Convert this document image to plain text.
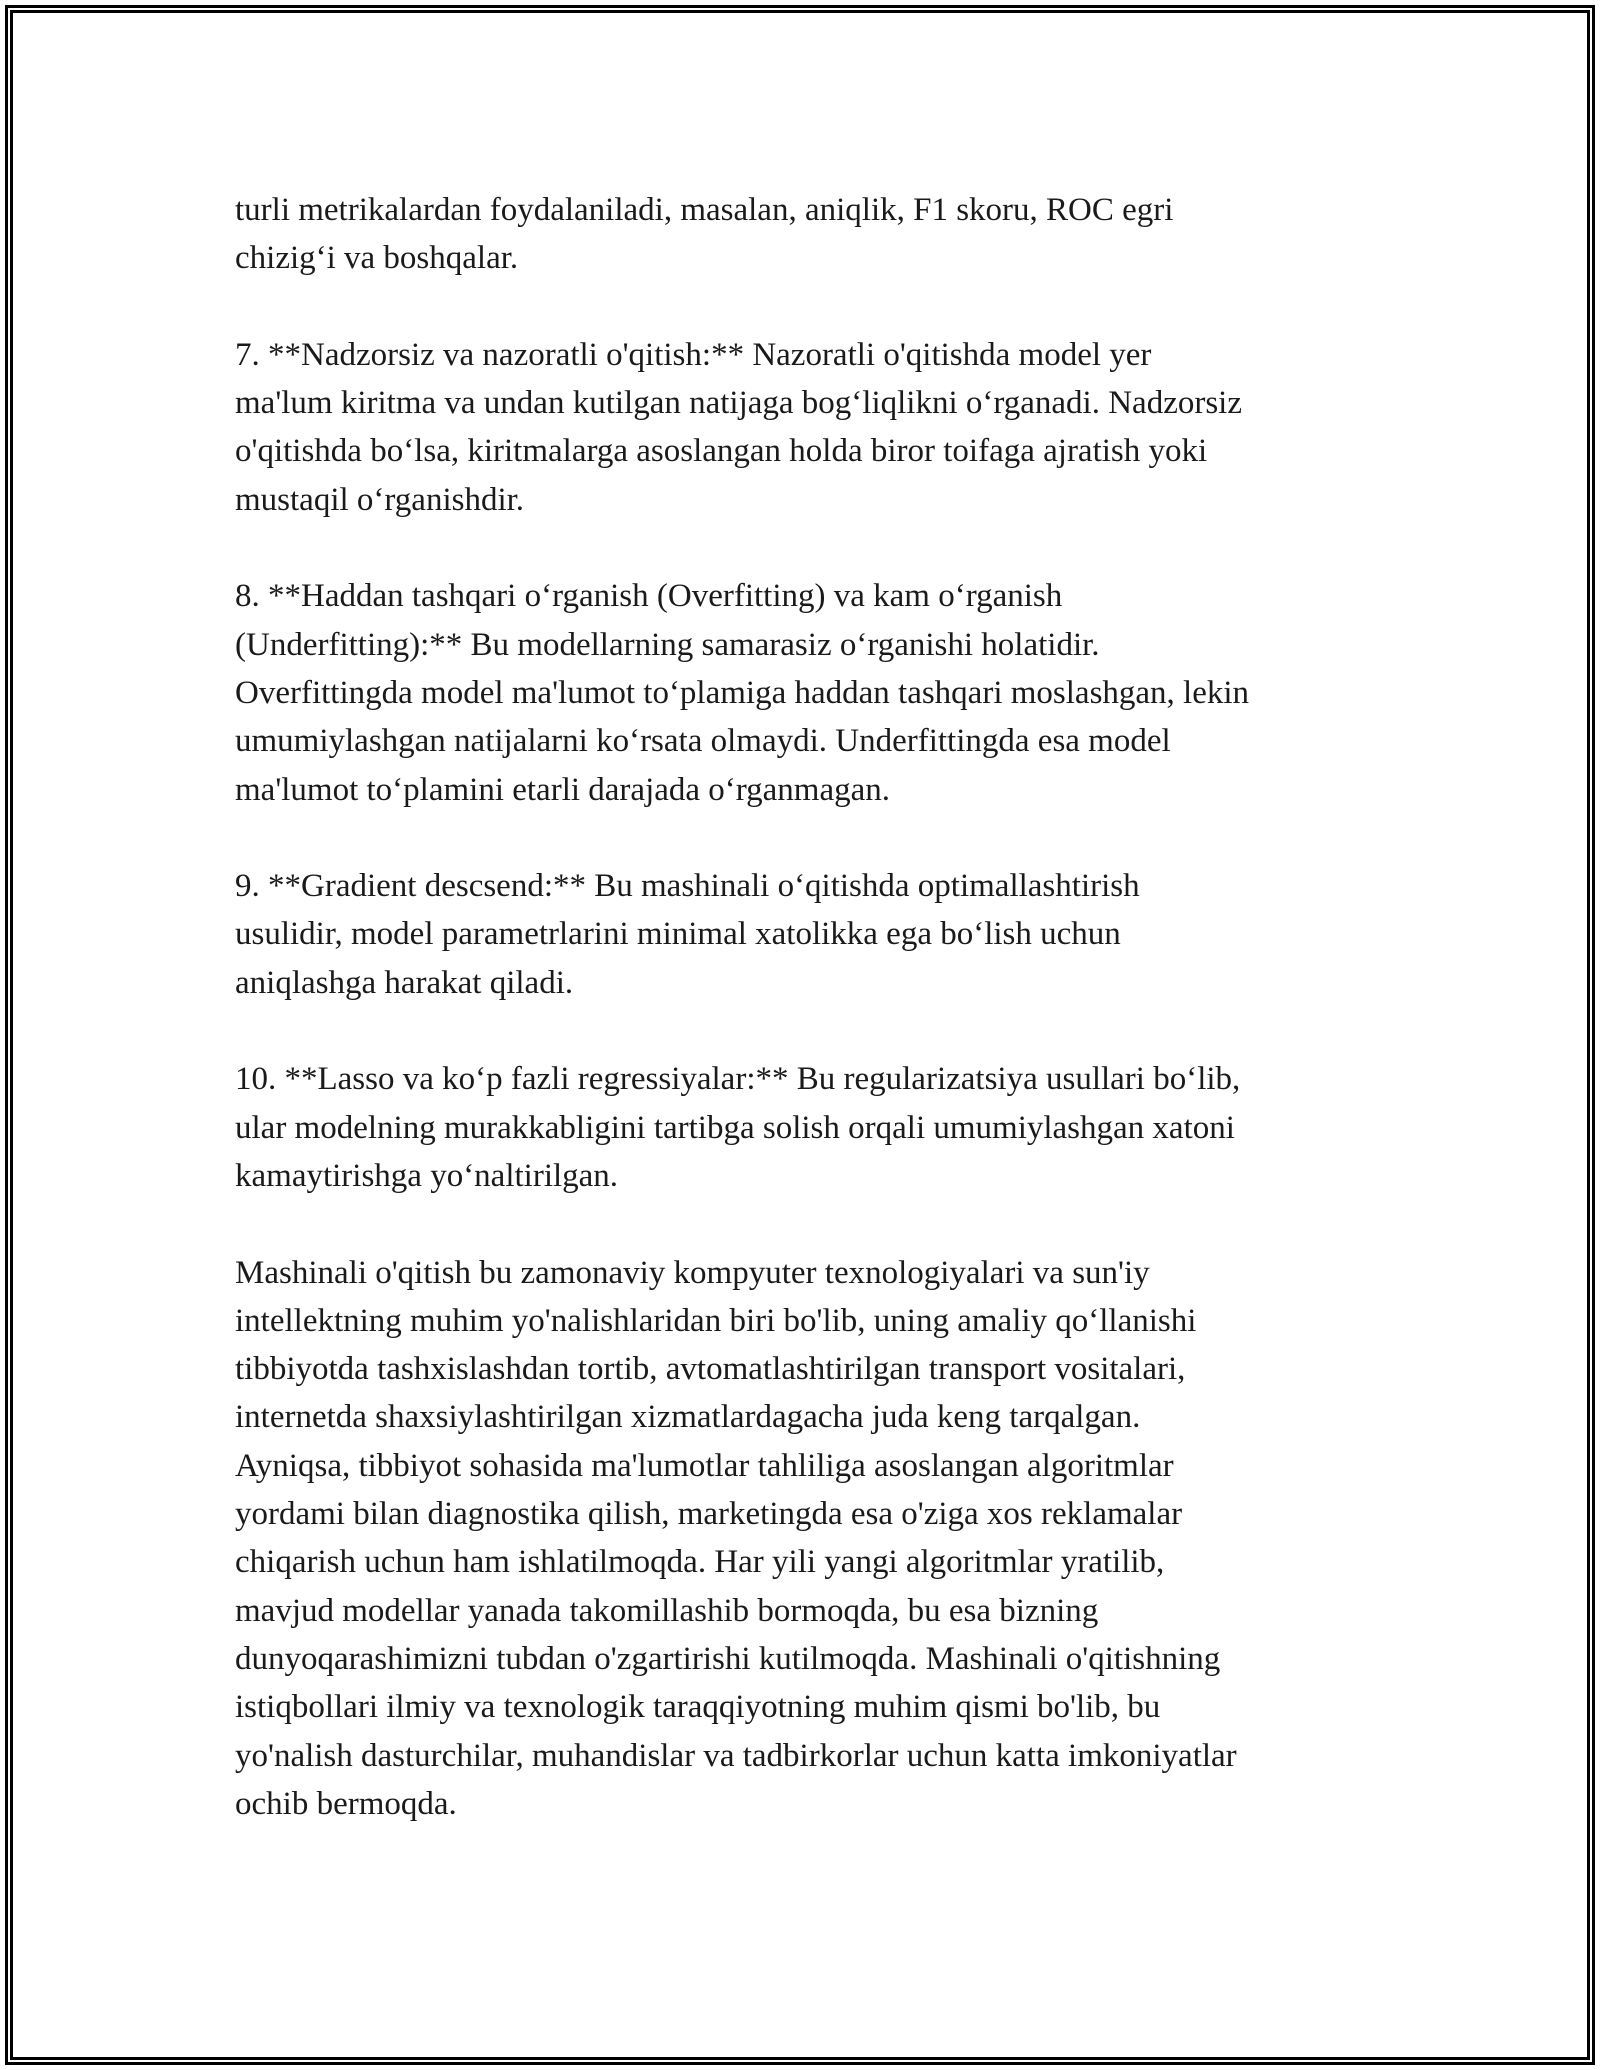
turli metrikalardan foydalaniladi, masalan, aniqlik, F1 skoru, ROC egri
chizig‘i va boshqalar.

7. **Nadzorsiz va nazoratli o'qitish:** Nazoratli o'qitishda model yer
ma'lum kiritma va undan kutilgan natijaga bog‘liqlikni o‘rganadi. Nadzorsiz
o'qitishda bo‘lsa, kiritmalarga asoslangan holda biror toifaga ajratish yoki
mustaqil o‘rganishdir.

8. **Haddan tashqari o‘rganish (Overfitting) va kam o‘rganish
(Underfitting):** Bu modellarning samarasiz o‘rganishi holatidir.
Overfittingda model ma'lumot to‘plamiga haddan tashqari moslashgan, lekin
umumiylashgan natijalarni ko‘rsata olmaydi. Underfittingda esa model
ma'lumot to‘plamini etarli darajada o‘rganmagan.

9. **Gradient descsend:** Bu mashinali o‘qitishda optimallashtirish
usulidir, model parametrlarini minimal xatolikka ega bo‘lish uchun
aniqlashga harakat qiladi.

10. **Lasso va ko‘p fazli regressiyalar:** Bu regularizatsiya usullari bo‘lib,
ular modelning murakkabligini tartibga solish orqali umumiylashgan xatoni
kamaytirishga yo‘naltirilgan.

Mashinali o'qitish bu zamonaviy kompyuter texnologiyalari va sun'iy
intellektning muhim yo'nalishlaridan biri bo'lib, uning amaliy qo‘llanishi
tibbiyotda tashxislashdan tortib, avtomatlashtirilgan transport vositalari,
internetda shaxsiylashtirilgan xizmatlardagacha juda keng tarqalgan.
Ayniqsa, tibbiyot sohasida ma'lumotlar tahliliga asoslangan algoritmlar
yordami bilan diagnostika qilish, marketingda esa o'ziga xos reklamalar
chiqarish uchun ham ishlatilmoqda. Har yili yangi algoritmlar yratilib,
mavjud modellar yanada takomillashib bormoqda, bu esa bizning
dunyoqarashimizni tubdan o'zgartirishi kutilmoqda. Mashinali o'qitishning
istiqbollari ilmiy va texnologik taraqqiyotning muhim qismi bo'lib, bu
yo'nalish dasturchilar, muhandislar va tadbirkorlar uchun katta imkoniyatlar
ochib bermoqda.
